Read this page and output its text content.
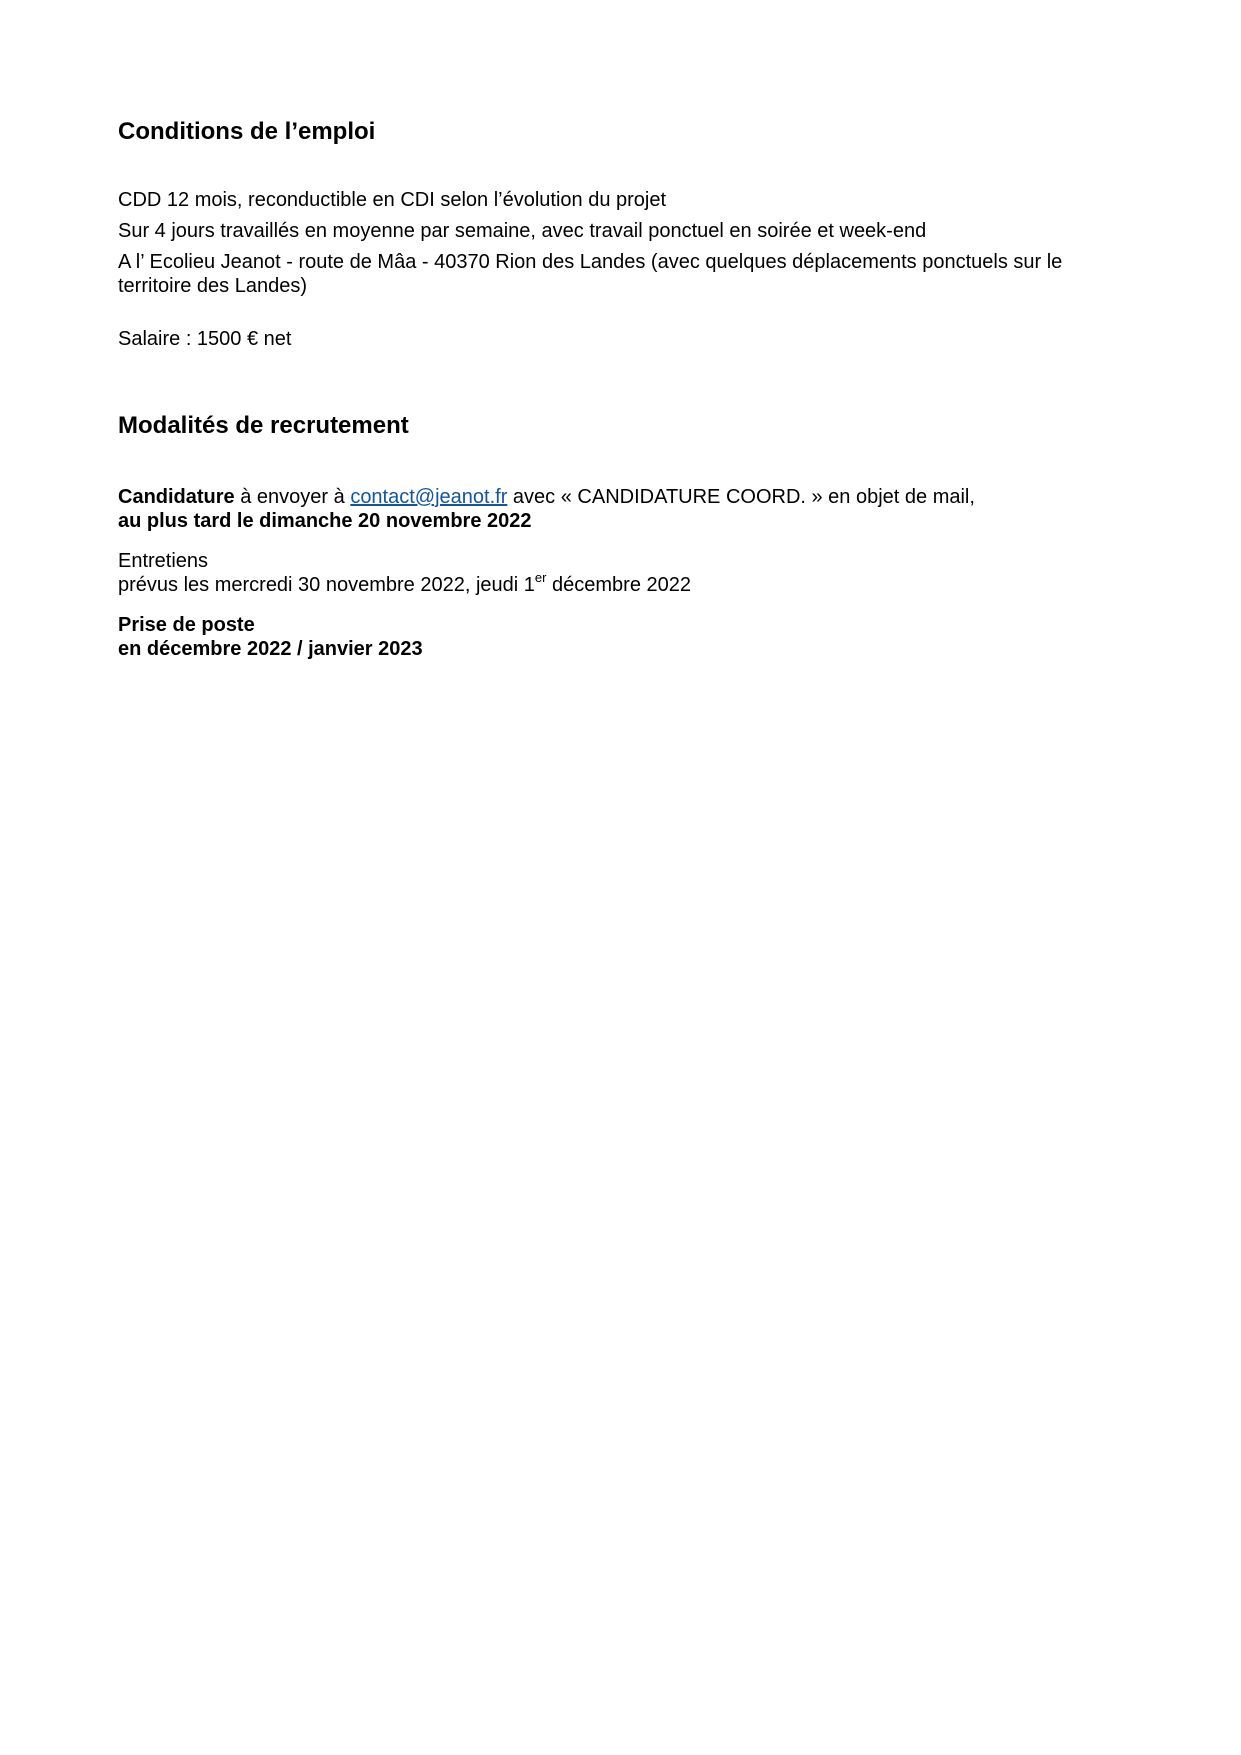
Conditions de l’emploi

CDD 12 mois, reconductible en CDI selon l’évolution du projet

Sur 4 jours travaillés en moyenne par semaine, avec travail ponctuel en soirée et week-end

A l’ Ecolieu Jeanot - route de Mâa - 40370 Rion des Landes (avec quelques déplacements ponctuels sur le

territoire des Landes)

Salaire : 1500 € net

Modalités de recrutement

Candidature à envoyer à contact@jeanot.fr avec « CANDIDATURE COORD. » en objet de mail,

au plus tard le dimanche 20 novembre 2022

Entretiens

prévus les mercredi 30 novembre 2022, jeudi 1er décembre 2022

Prise de poste

en décembre 2022 / janvier 2023
